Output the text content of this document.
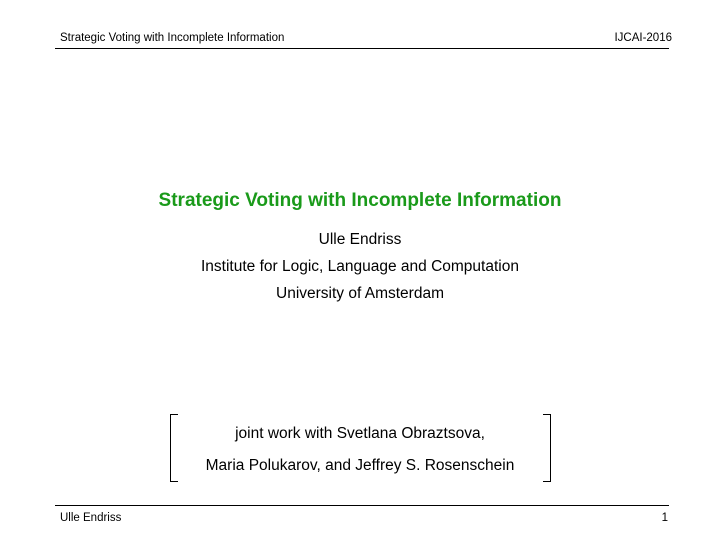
Strategic Voting with Incomplete Information	IJCAI-2016
Strategic Voting with Incomplete Information
Ulle Endriss
Institute for Logic, Language and Computation
University of Amsterdam
joint work with Svetlana Obraztsova,
Maria Polukarov, and Jeffrey S. Rosenschein
Ulle Endriss	1
